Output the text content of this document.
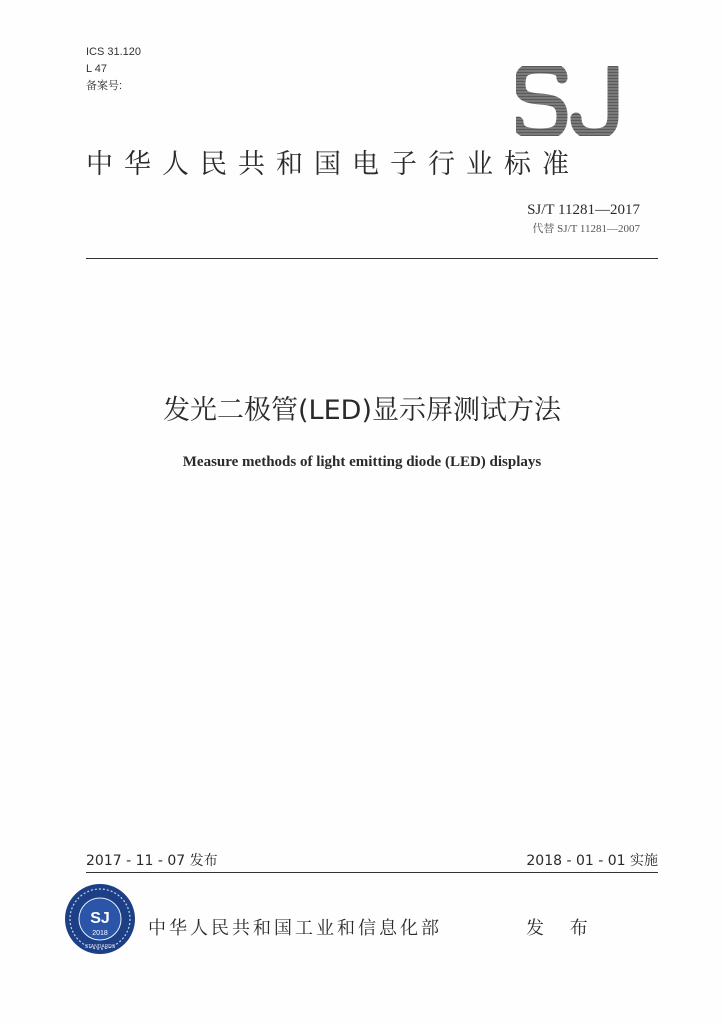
ICS 31.120
L 47
备案号:
中华人民共和国电子行业标准
SJ/T 11281—2017
代替 SJ/T 11281—2007
发光二极管(LED)显示屏测试方法
Measure methods of light emitting diode (LED) displays
2017 - 11 - 07 发布	2018 - 01 - 01 实施
SJ
2018
STANDARDS
中华人民共和国工业和信息化部	发 布
